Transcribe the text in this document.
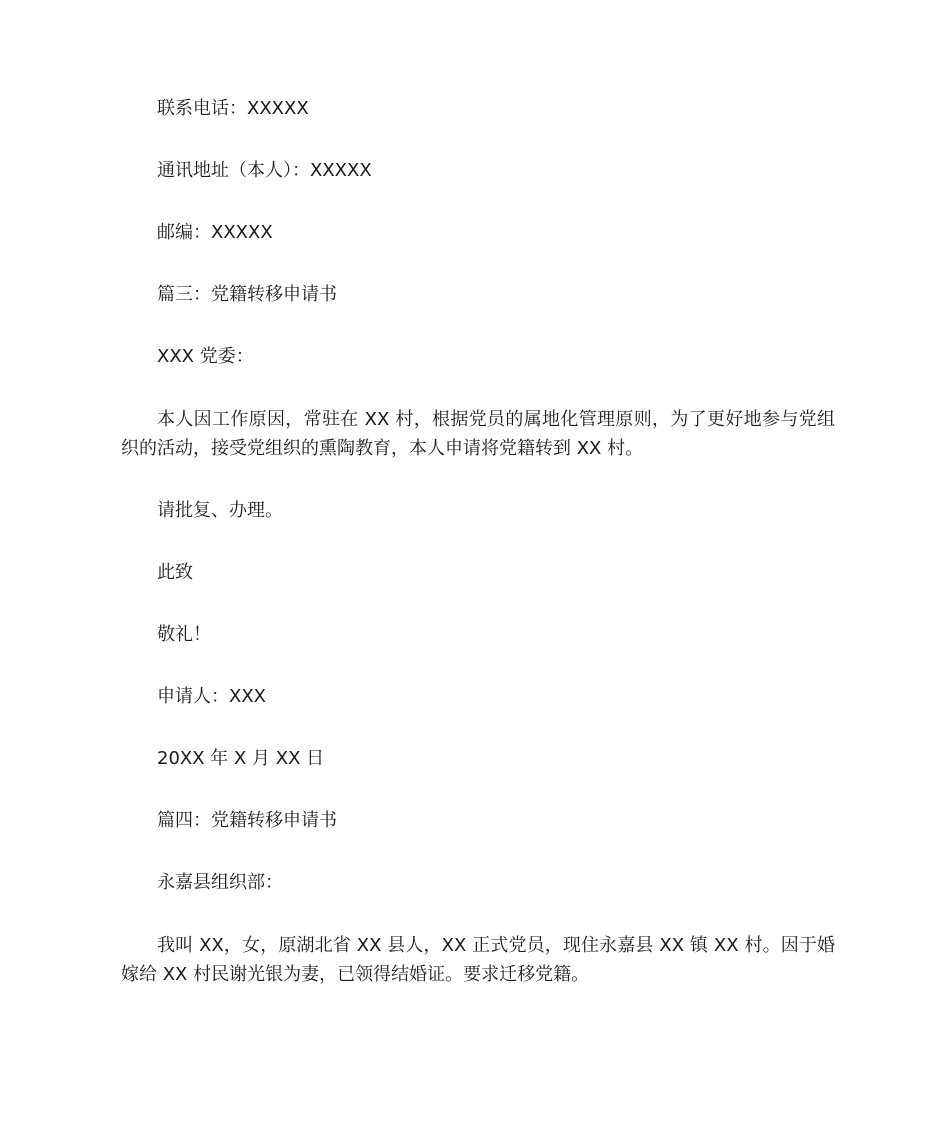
联系电话：XXXXX
通讯地址（本人）：XXXXX
邮编：XXXXX
篇三：党籍转移申请书
XXX 党委：
本人因工作原因，常驻在 XX 村，根据党员的属地化管理原则，为了更好地参与党组织的活动，接受党组织的熏陶教育，本人申请将党籍转到 XX 村。
请批复、办理。
此致
敬礼！
申请人：XXX
20XX 年 X 月 XX 日
篇四：党籍转移申请书
永嘉县组织部：
我叫 XX，女，原湖北省 XX 县人，XX 正式党员，现住永嘉县 XX 镇 XX 村。因于婚嫁给 XX 村民谢光银为妻，已领得结婚证。要求迁移党籍。
